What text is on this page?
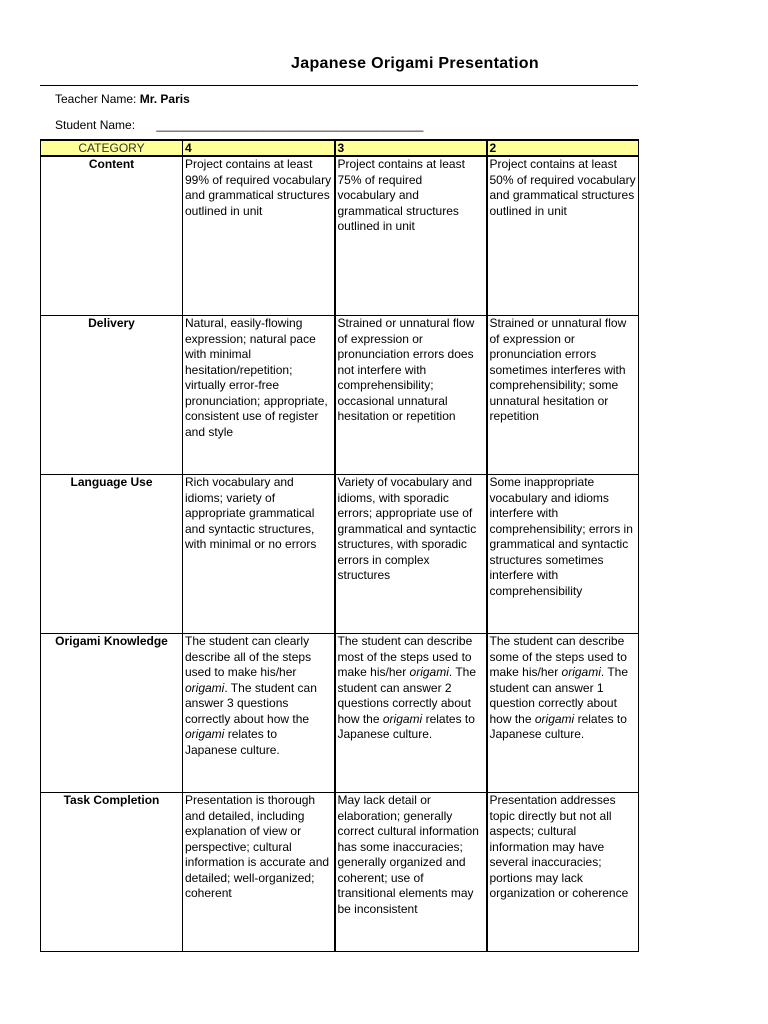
Japanese Origami Presentation
Teacher Name: Mr. Paris
Student Name: ________________________________________
CATEGORY	4	3	2
Content	Project contains at least 99% of required vocabulary and grammatical structures outlined in unit	Project contains at least 75% of required vocabulary and grammatical structures outlined in unit	Project contains at least 50% of required vocabulary and grammatical structures outlined in unit
Delivery	Natural, easily-flowing expression; natural pace with minimal hesitation/repetition; virtually error-free pronunciation; appropriate, consistent use of register and style	Strained or unnatural flow of expression or pronunciation errors does not interfere with comprehensibility; occasional unnatural hesitation or repetition	Strained or unnatural flow of expression or pronunciation errors sometimes interferes with comprehensibility; some unnatural hesitation or repetition
Language Use	Rich vocabulary and idioms; variety of appropriate grammatical and syntactic structures, with minimal or no errors	Variety of vocabulary and idioms, with sporadic errors; appropriate use of grammatical and syntactic structures, with sporadic errors in complex structures	Some inappropriate vocabulary and idioms interfere with comprehensibility; errors in grammatical and syntactic structures sometimes interfere with comprehensibility
Origami Knowledge	The student can clearly describe all of the steps used to make his/her origami. The student can answer 3 questions correctly about how the origami relates to Japanese culture.	The student can describe most of the steps used to make his/her origami. The student can answer 2 questions correctly about how the origami relates to Japanese culture.	The student can describe some of the steps used to make his/her origami. The student can answer 1 question correctly about how the origami relates to Japanese culture.
Task Completion	Presentation is thorough and detailed, including explanation of view or perspective; cultural information is accurate and detailed; well-organized; coherent	May lack detail or elaboration; generally correct cultural information has some inaccuracies; generally organized and coherent; use of transitional elements may be inconsistent	Presentation addresses topic directly but not all aspects; cultural information may have several inaccuracies; portions may lack organization or coherence
